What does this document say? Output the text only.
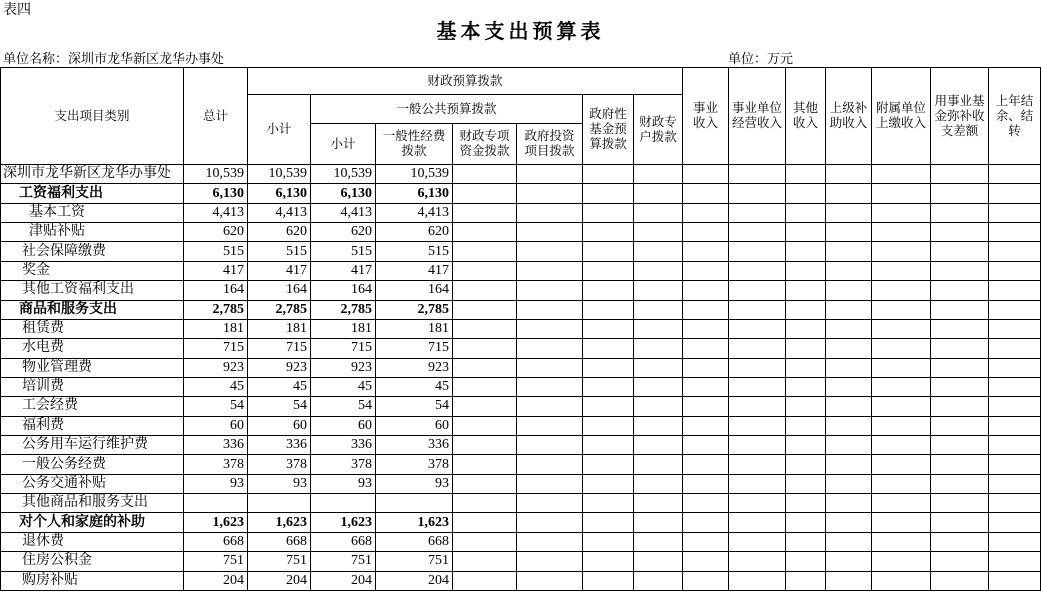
表四
基本支出预算表
单位名称：深圳市龙华新区龙华办事处	单位：万元
支出项目类别	总计	财政预算拨款							事业收入	事业单位经营收入	其他收入	上级补助收入	附属单位上缴收入	用事业基金弥补收支差额	上年结余、结转
		小计	一般公共预算拨款				政府性基金预算拨款	财政专户拨款							
			小计	一般性经费拨款	财政专项资金拨款	政府投资项目拨款									
深圳市龙华新区龙华办事处	10,539	10,539	10,539	10,539											
工资福利支出	6,130	6,130	6,130	6,130											
基本工资	4,413	4,413	4,413	4,413											
津贴补贴	620	620	620	620											
社会保障缴费	515	515	515	515											
奖金	417	417	417	417											
其他工资福利支出	164	164	164	164											
商品和服务支出	2,785	2,785	2,785	2,785											
租赁费	181	181	181	181											
水电费	715	715	715	715											
物业管理费	923	923	923	923											
培训费	45	45	45	45											
工会经费	54	54	54	54											
福利费	60	60	60	60											
公务用车运行维护费	336	336	336	336											
一般公务经费	378	378	378	378											
公务交通补贴	93	93	93	93											
其他商品和服务支出															
对个人和家庭的补助	1,623	1,623	1,623	1,623											
退休费	668	668	668	668											
住房公积金	751	751	751	751											
购房补贴	204	204	204	204											
